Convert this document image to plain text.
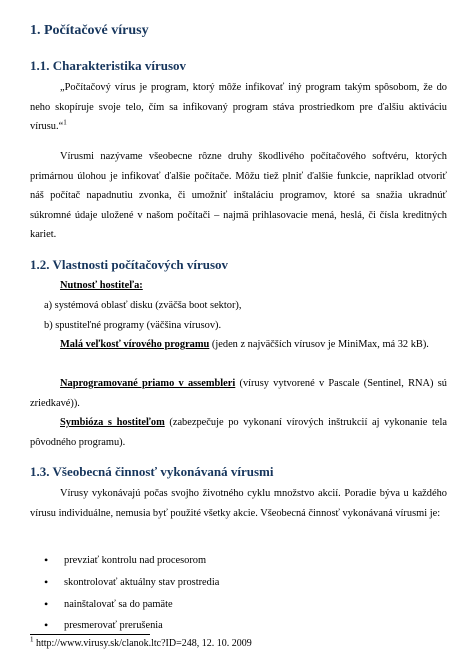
1. Počítačové vírusy
1.1. Charakteristika vírusov
„Počítačový vírus je program, ktorý môže infikovať iný program takým spôsobom, že do neho skopíruje svoje telo, čím sa infikovaný program stáva prostriedkom pre ďalšiu aktiváciu vírusu.“$^1$
Vírusmi nazývame všeobecne rôzne druhy škodlivého počítačového softvéru, ktorých primárnou úlohou je infikovať ďalšie počítače. Môžu tiež plniť ďalšie funkcie, napríklad otvoriť náš počítač napadnutiu zvonka, či umožniť inštaláciu programov, ktoré sa snažia ukradnúť súkromné údaje uložené v našom počítači – najmä prihlasovacie mená, heslá, či čísla kreditných kariet.
1.2. Vlastnosti počítačových vírusov
Nutnosť hostiteľa:
a) systémová oblasť disku (zväčša boot sektor),
b) spustiteľné programy (väčšina vírusov).
Malá veľkosť vírového programu (jeden z najväčších vírusov je MiniMax, má 32 kB).
Naprogramované priamo v assembleri (vírusy vytvorené v Pascale (Sentinel, RNA) sú zriedkavé)).
Symbióza s hostiteľom (zabezpečuje po vykonaní vírových inštrukcií aj vykonanie tela pôvodného programu).
1.3. Všeobecná činnosť vykonávaná vírusmi
Vírusy vykonávajú počas svojho životného cyklu množstvo akcií. Poradie býva u každého vírusu individuálne, nemusia byť použité všetky akcie. Všeobecná činnosť vykonávaná vírusmi je:
• prevziať kontrolu nad procesorom
• skontrolovať aktuálny stav prostredia
• nainštalovať sa do pamäte
• presmerovať prerušenia
$^1$ http://www.virusy.sk/clanok.ltc?ID=248, 12. 10. 2009
